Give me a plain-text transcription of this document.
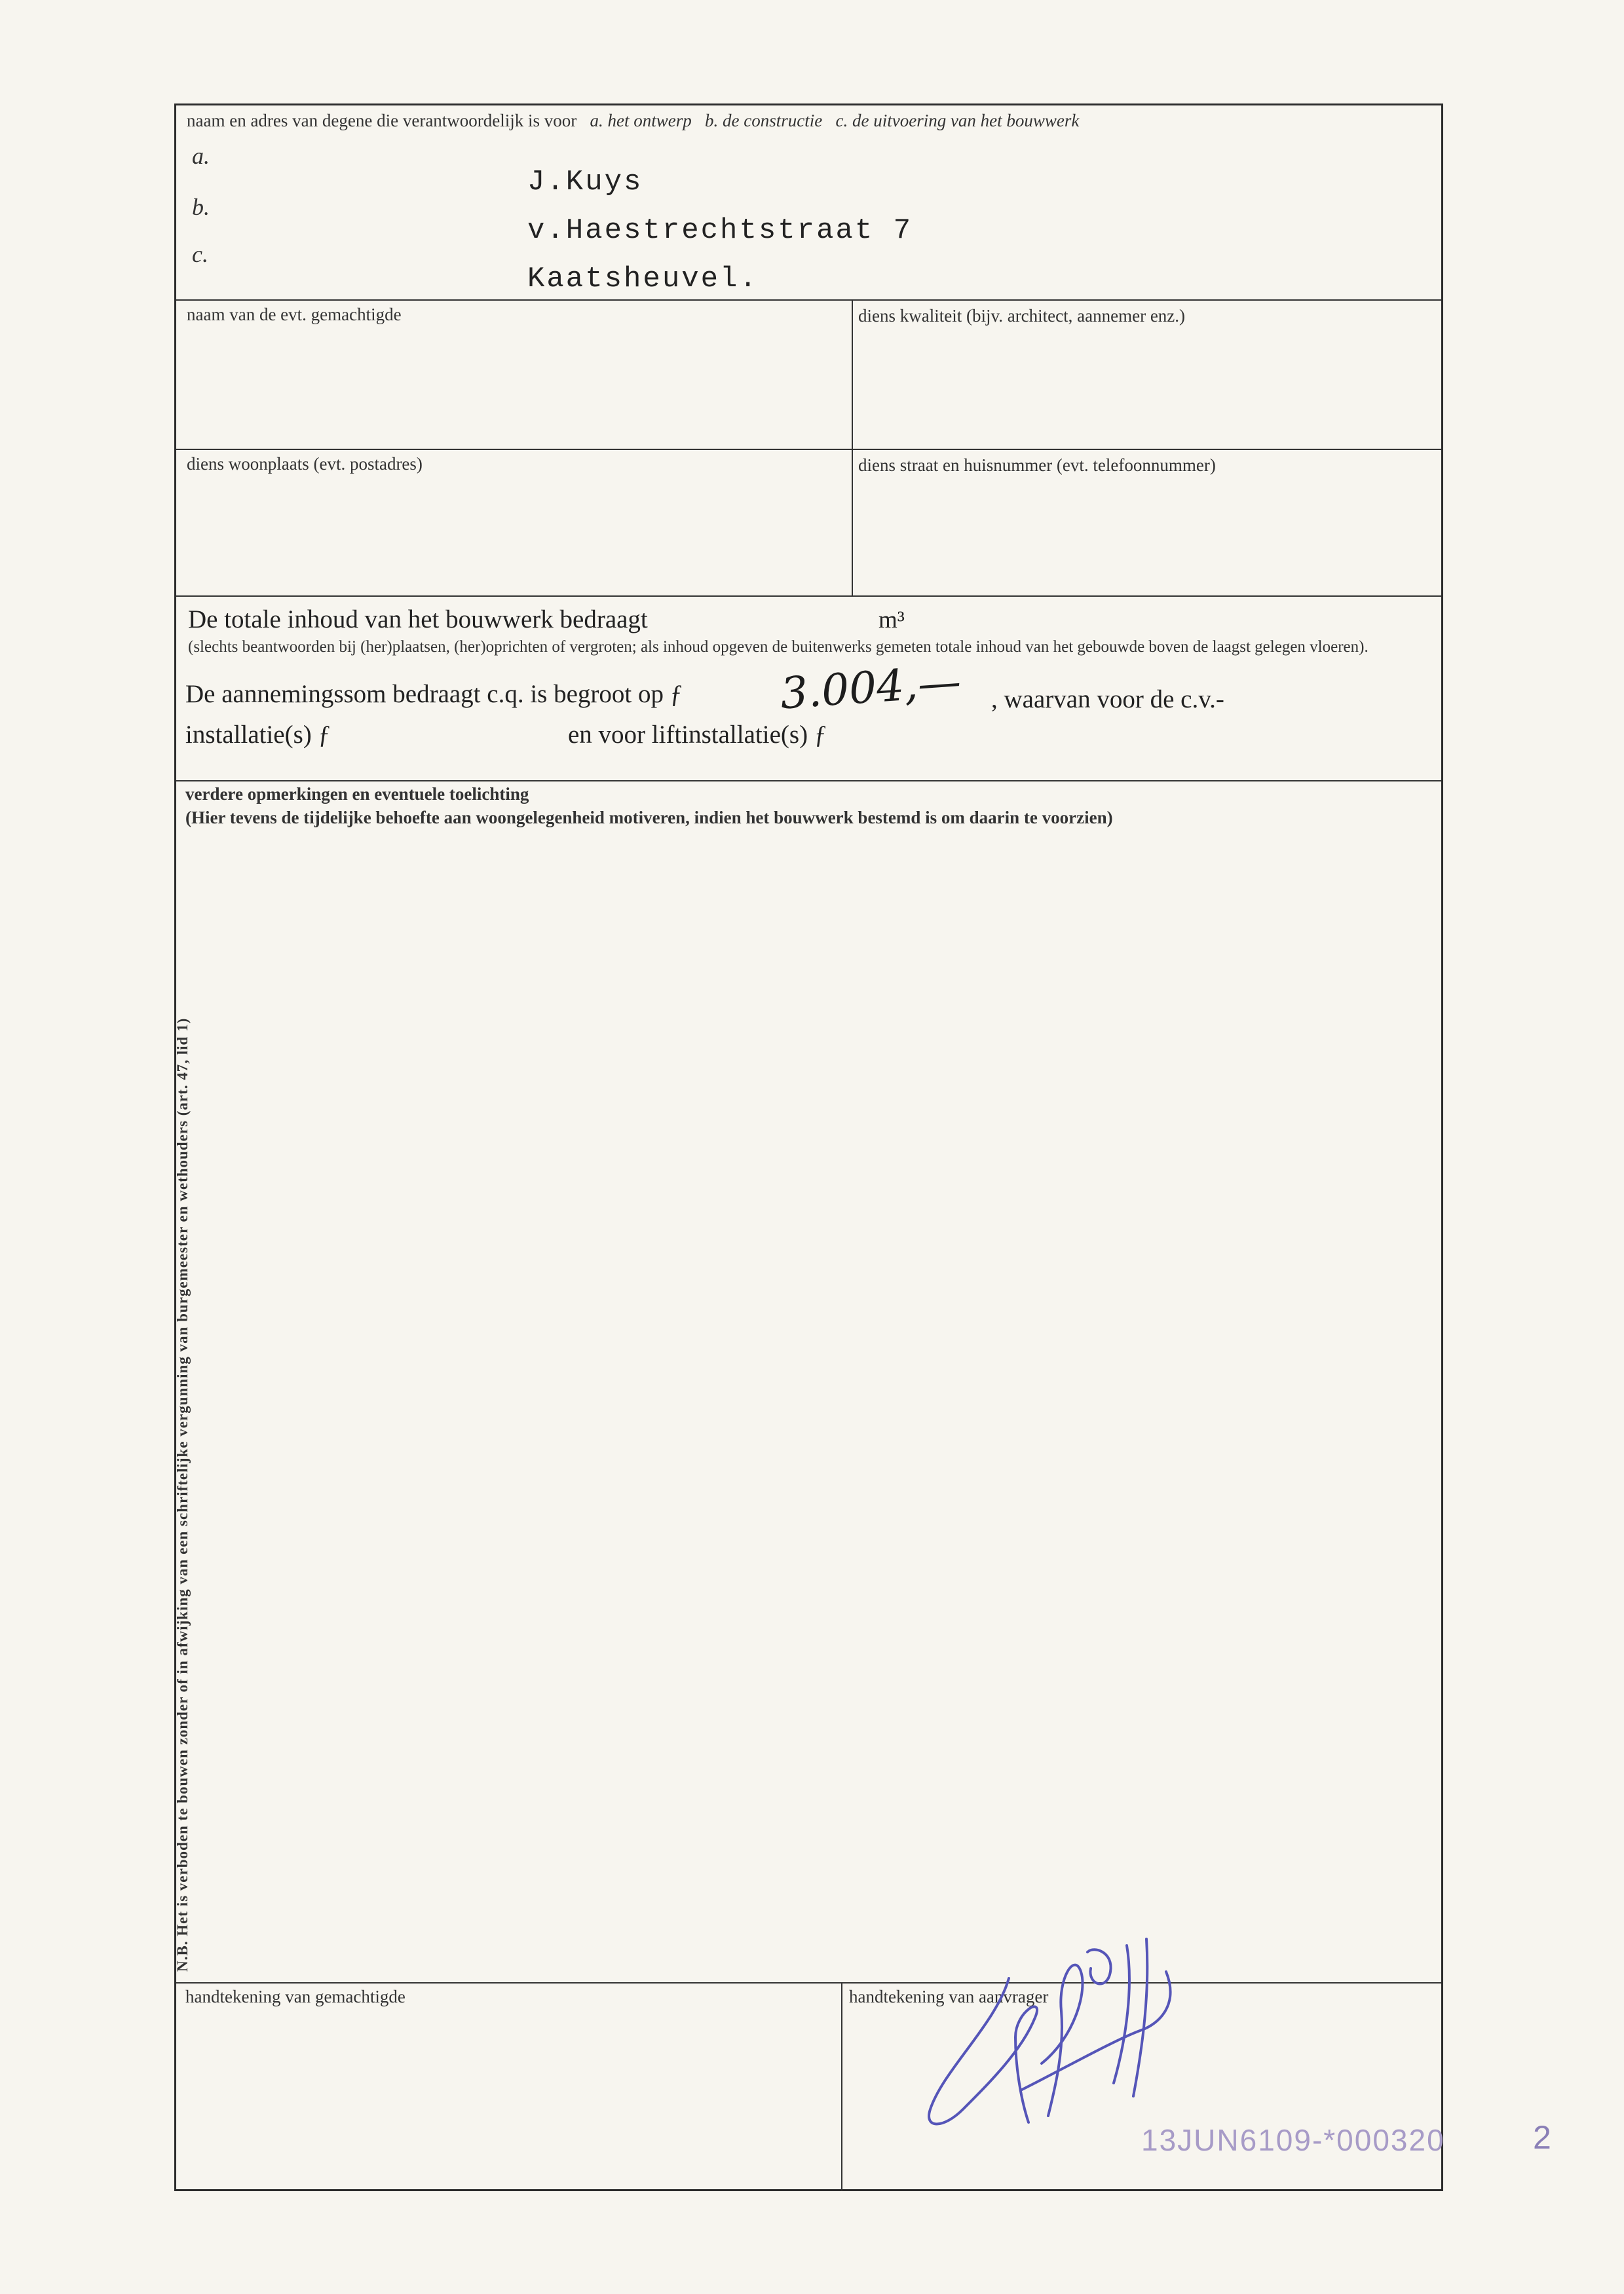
N.B. Het is verboden te bouwen zonder of in afwijking van een schriftelijke vergunning van burgemeester en wethouders (art. 47, lid 1)
naam en adres van degene die verantwoordelijk is voor a. het ontwerp b. de constructie c. de uitvoering van het bouwwerk
a.
b.
c.
J.Kuys
v.Haestrechtstraat 7
Kaatsheuvel.
naam van de evt. gemachtigde	diens kwaliteit (bijv. architect, aannemer enz.)
diens woonplaats (evt. postadres)	diens straat en huisnummer (evt. telefoonnummer)
De totale inhoud van het bouwwerk bedraagt	m³
(slechts beantwoorden bij (her)plaatsen, (her)oprichten of vergroten; als inhoud opgeven de buitenwerks gemeten totale inhoud van het gebouwde boven de laagst gelegen vloeren).
De aannemingssom bedraagt c.q. is begroot op ƒ 3.004,— , waarvan voor de c.v.-
installatie(s) ƒ	en voor liftinstallatie(s) ƒ
verdere opmerkingen en eventuele toelichting
(Hier tevens de tijdelijke behoefte aan woongelegenheid motiveren, indien het bouwwerk bestemd is om daarin te voorzien)
handtekening van gemachtigde	handtekening van aanvrager
13JUN6109-*000320	2
